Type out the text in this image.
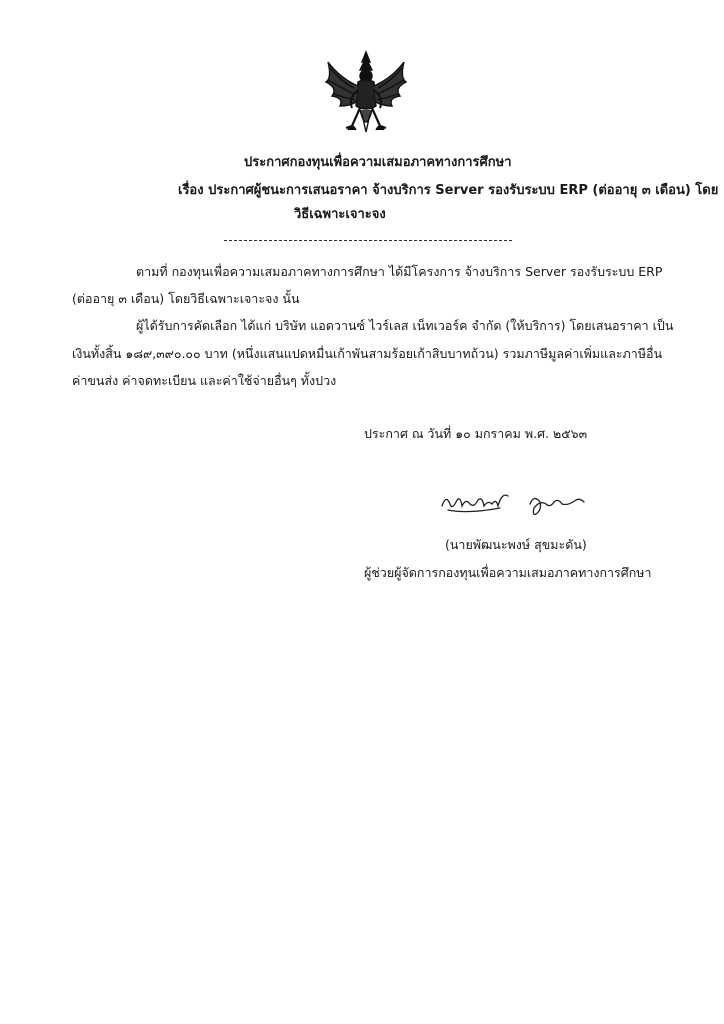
ประกาศกองทุนเพื่อความเสมอภาคทางการศึกษา
เรื่อง ประกาศผู้ชนะการเสนอราคา จ้างบริการ Server รองรับระบบ ERP (ต่ออายุ ๓ เดือน) โดย
วิธีเฉพาะเจาะจง
ตามที่ กองทุนเพื่อความเสมอภาคทางการศึกษา ได้มีโครงการ จ้างบริการ Server รองรับระบบ ERP
(ต่ออายุ ๓ เดือน) โดยวิธีเฉพาะเจาะจง นั้น
ผู้ได้รับการคัดเลือก ได้แก่ บริษัท แอดวานซ์ ไวร์เลส เน็ทเวอร์ค จำกัด (ให้บริการ) โดยเสนอราคา เป็น
เงินทั้งสิ้น ๑๘๙,๓๙๐.๐๐ บาท (หนึ่งแสนแปดหมื่นเก้าพันสามร้อยเก้าสิบบาทถ้วน) รวมภาษีมูลค่าเพิ่มและภาษีอื่น
ค่าขนส่ง ค่าจดทะเบียน และค่าใช้จ่ายอื่นๆ ทั้งปวง
ประกาศ ณ วันที่ ๑๐ มกราคม พ.ศ. ๒๕๖๓
(นายพัฒนะพงษ์ สุขมะดัน)
ผู้ช่วยผู้จัดการกองทุนเพื่อความเสมอภาคทางการศึกษา
